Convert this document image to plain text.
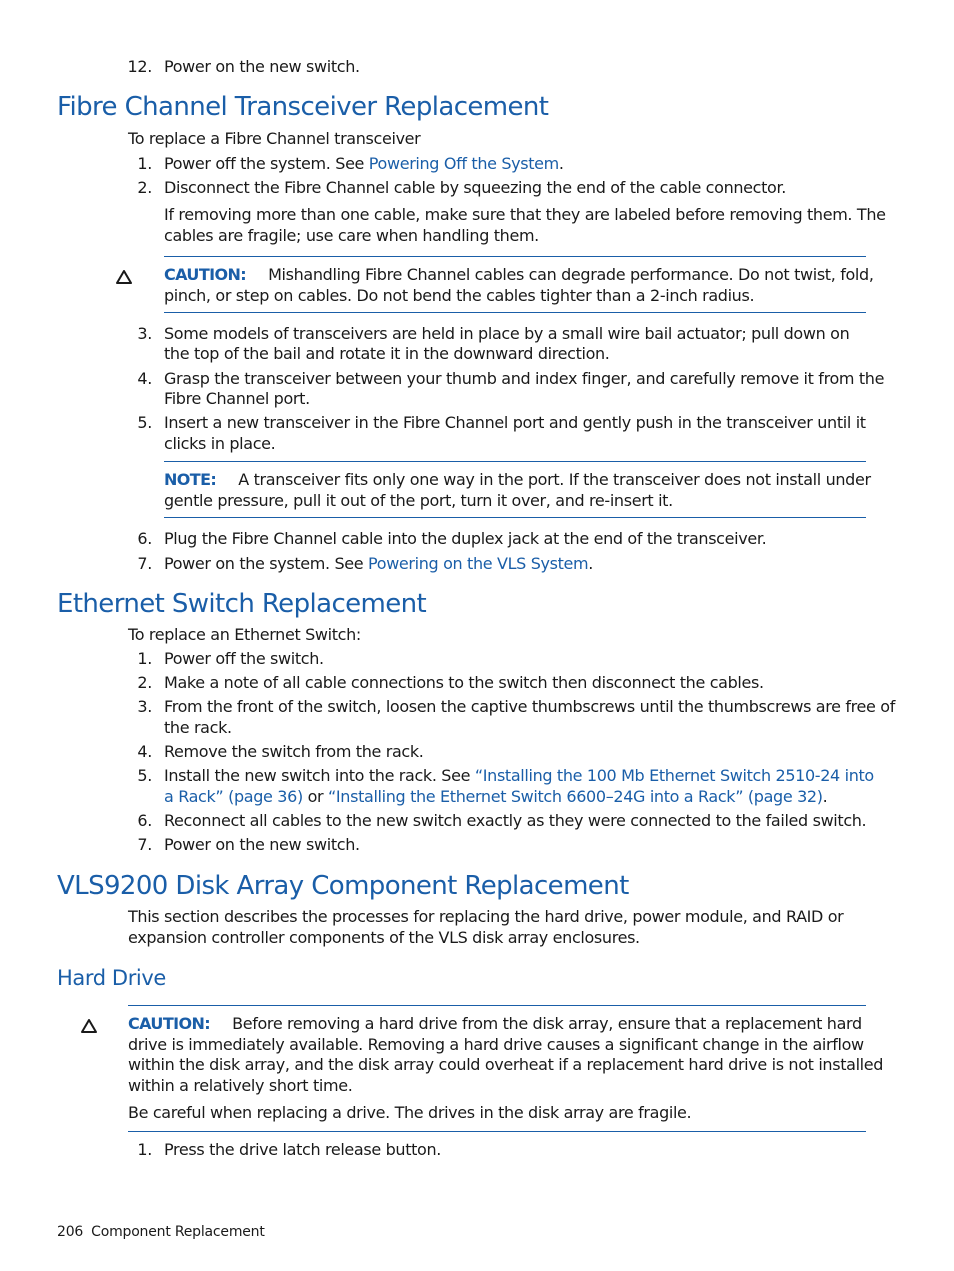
12. Power on the new switch.
Fibre Channel Transceiver Replacement
To replace a Fibre Channel transceiver
1. Power off the system. See Powering Off the System.
2. Disconnect the Fibre Channel cable by squeezing the end of the cable connector.
If removing more than one cable, make sure that they are labeled before removing them. The
cables are fragile; use care when handling them.
CAUTION: Mishandling Fibre Channel cables can degrade performance. Do not twist, fold,
pinch, or step on cables. Do not bend the cables tighter than a 2-inch radius.
3. Some models of transceivers are held in place by a small wire bail actuator; pull down on
the top of the bail and rotate it in the downward direction.
4. Grasp the transceiver between your thumb and index finger, and carefully remove it from the
Fibre Channel port.
5. Insert a new transceiver in the Fibre Channel port and gently push in the transceiver until it
clicks in place.
NOTE: A transceiver fits only one way in the port. If the transceiver does not install under
gentle pressure, pull it out of the port, turn it over, and re-insert it.
6. Plug the Fibre Channel cable into the duplex jack at the end of the transceiver.
7. Power on the system. See Powering on the VLS System.
Ethernet Switch Replacement
To replace an Ethernet Switch:
1. Power off the switch.
2. Make a note of all cable connections to the switch then disconnect the cables.
3. From the front of the switch, loosen the captive thumbscrews until the thumbscrews are free of
the rack.
4. Remove the switch from the rack.
5. Install the new switch into the rack. See “Installing the 100 Mb Ethernet Switch 2510-24 into
a Rack” (page 36) or “Installing the Ethernet Switch 6600–24G into a Rack” (page 32).
6. Reconnect all cables to the new switch exactly as they were connected to the failed switch.
7. Power on the new switch.
VLS9200 Disk Array Component Replacement
This section describes the processes for replacing the hard drive, power module, and RAID or
expansion controller components of the VLS disk array enclosures.
Hard Drive
CAUTION: Before removing a hard drive from the disk array, ensure that a replacement hard
drive is immediately available. Removing a hard drive causes a significant change in the airflow
within the disk array, and the disk array could overheat if a replacement hard drive is not installed
within a relatively short time.
Be careful when replacing a drive. The drives in the disk array are fragile.
1. Press the drive latch release button.
206 Component Replacement
